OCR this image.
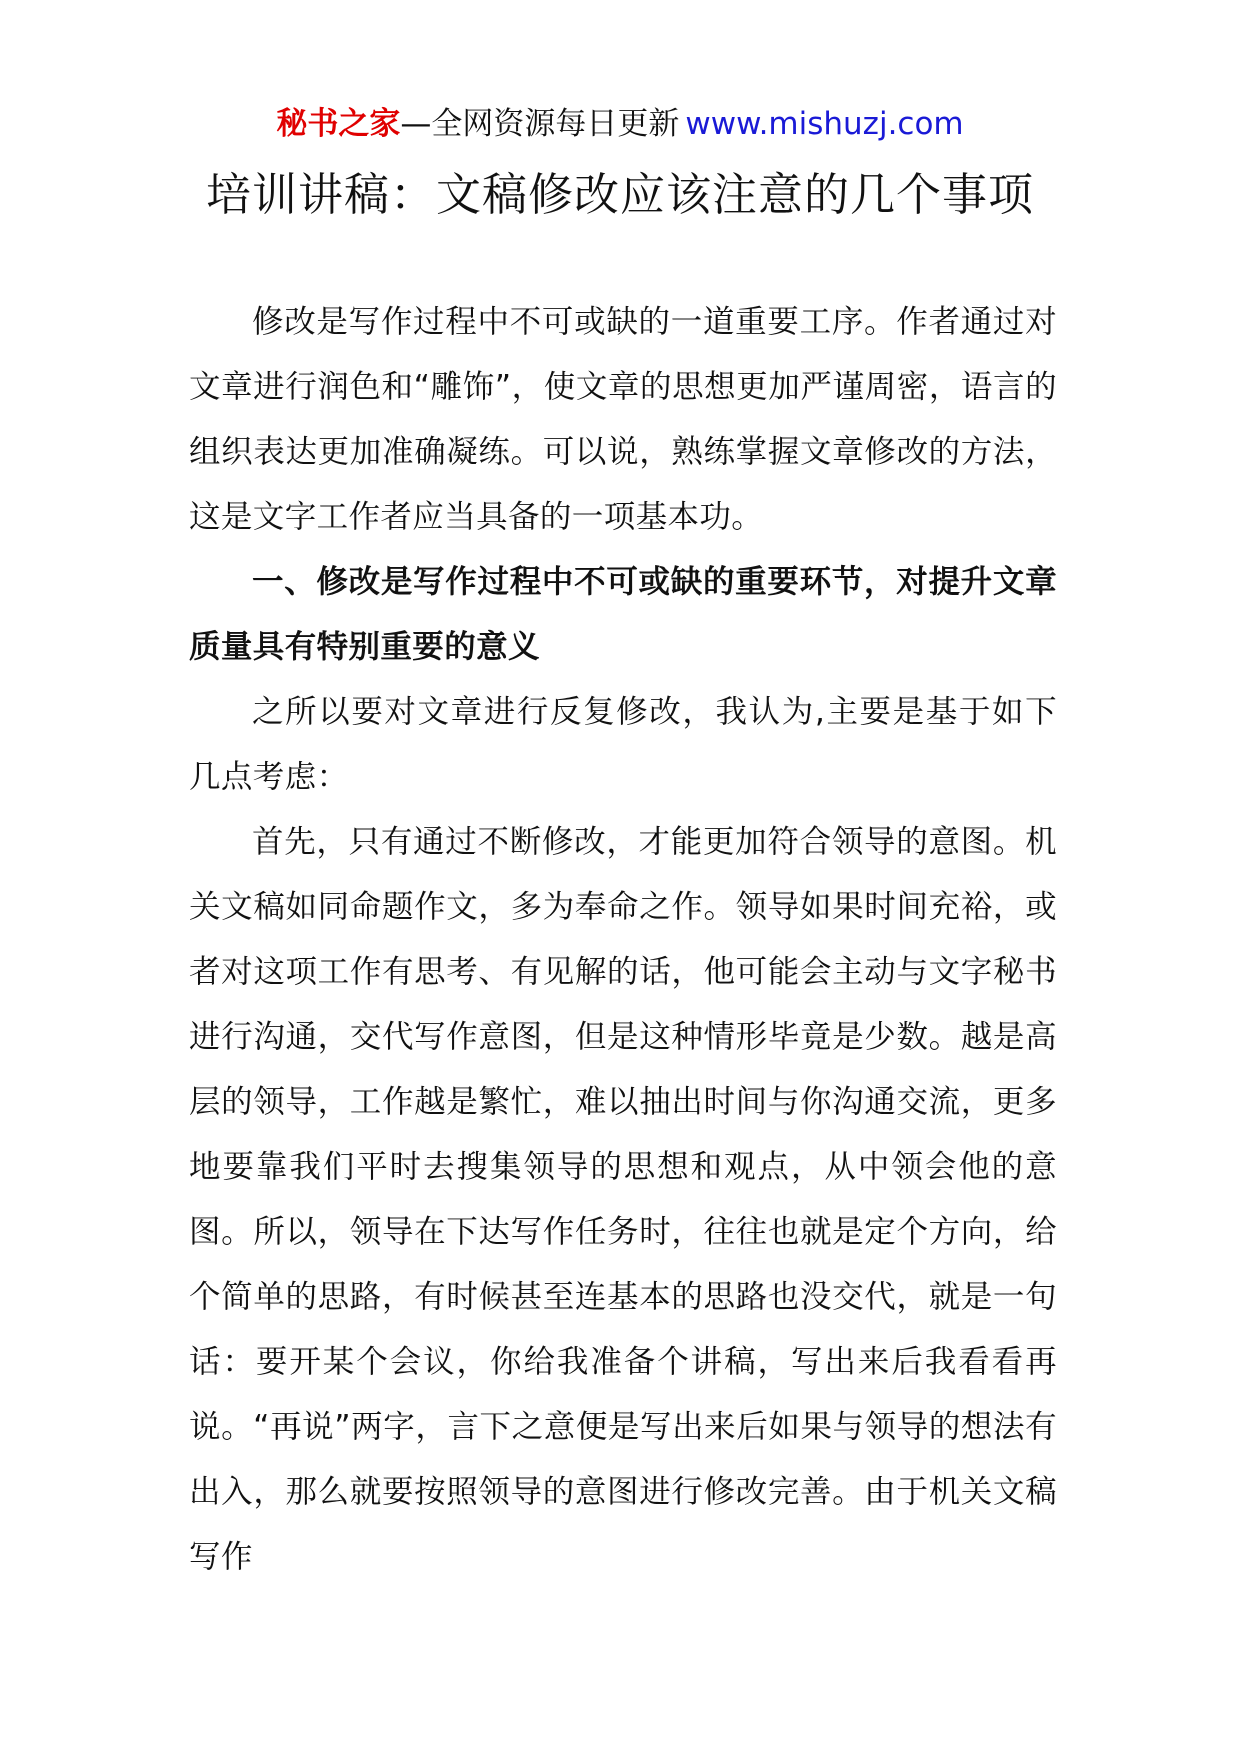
秘书之家—全网资源每日更新 www.mishuzj.com
培训讲稿：文稿修改应该注意的几个事项

修改是写作过程中不可或缺的一道重要工序。作者通过对文章进行润色和“雕饰”，使文章的思想更加严谨周密，语言的组织表达更加准确凝练。可以说，熟练掌握文章修改的方法，这是文字工作者应当具备的一项基本功。

一、修改是写作过程中不可或缺的重要环节，对提升文章质量具有特别重要的意义

之所以要对文章进行反复修改，我认为,主要是基于如下几点考虑：

首先，只有通过不断修改，才能更加符合领导的意图。机关文稿如同命题作文，多为奉命之作。领导如果时间充裕，或者对这项工作有思考、有见解的话，他可能会主动与文字秘书进行沟通，交代写作意图，但是这种情形毕竟是少数。越是高层的领导，工作越是繁忙，难以抽出时间与你沟通交流，更多地要靠我们平时去搜集领导的思想和观点，从中领会他的意图。所以，领导在下达写作任务时，往往也就是定个方向，给个简单的思路，有时候甚至连基本的思路也没交代，就是一句话：要开某个会议，你给我准备个讲稿，写出来后我看看再说。“再说”两字，言下之意便是写出来后如果与领导的想法有出入，那么就要按照领导的意图进行修改完善。由于机关文稿写作
